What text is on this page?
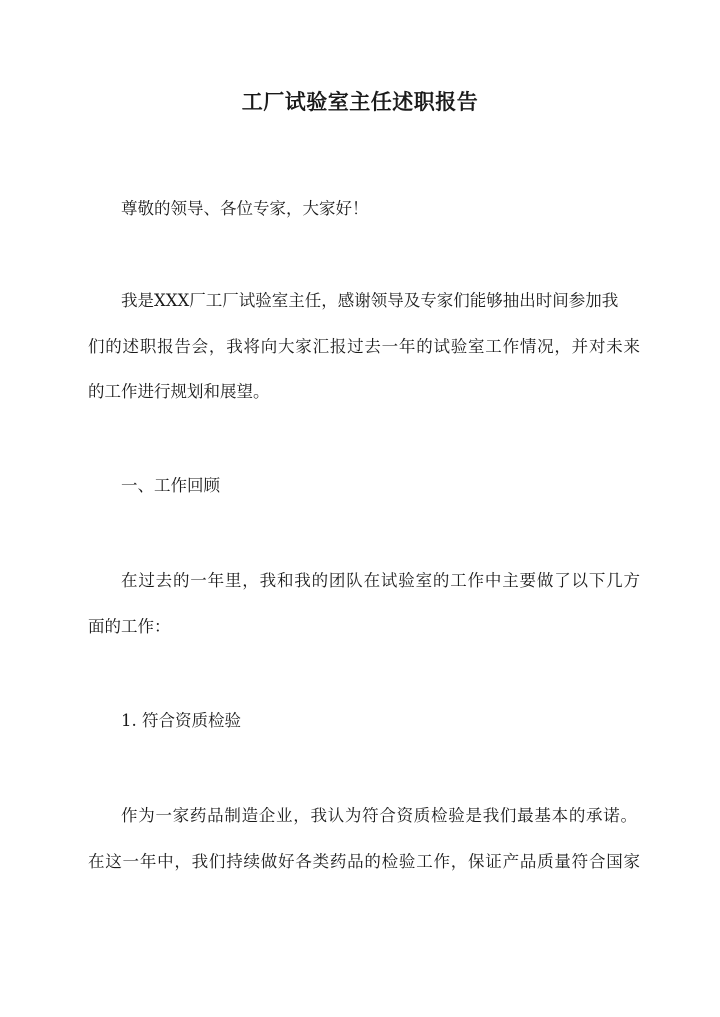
工厂试验室主任述职报告

尊敬的领导、各位专家，大家好！

我是XXX厂工厂试验室主任，感谢领导及专家们能够抽出时间参加我

们的述职报告会，我将向大家汇报过去一年的试验室工作情况，并对未来

的工作进行规划和展望。

一、工作回顾

在过去的一年里，我和我的团队在试验室的工作中主要做了以下几方

面的工作：

1. 符合资质检验

作为一家药品制造企业，我认为符合资质检验是我们最基本的承诺。

在这一年中，我们持续做好各类药品的检验工作，保证产品质量符合国家
